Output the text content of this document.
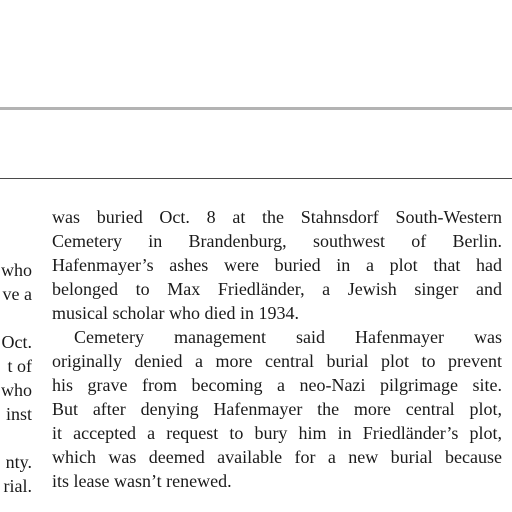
who

ve a

Oct.

t of

who

inst

nty.

rial.

was buried Oct. 8 at the Stahnsdorf South-Western
Cemetery in Brandenburg, southwest of Berlin.
Hafenmayer’s ashes were buried in a plot that had
belonged to Max Friedländer, a Jewish singer and
musical scholar who died in 1934.
Cemetery management said Hafenmayer was
originally denied a more central burial plot to prevent
his grave from becoming a neo-Nazi pilgrimage site.
But after denying Hafenmayer the more central plot,
it accepted a request to bury him in Friedländer’s plot,
which was deemed available for a new burial because
its lease wasn’t renewed.
